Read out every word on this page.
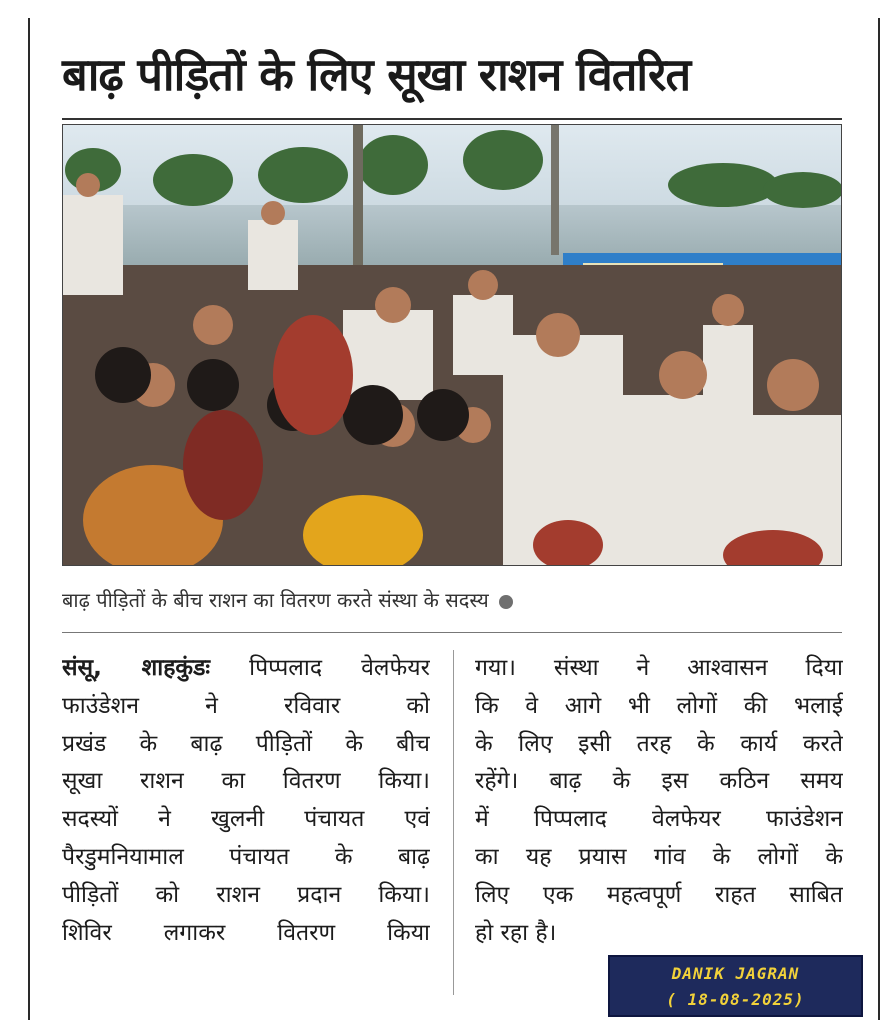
बाढ़ पीड़ितों के लिए सूखा राशन वितरित
बाढ़ पीड़ितों के बीच राशन का वितरण करते संस्था के सदस्य
संसू, शाहकुंडः पिप्पलाद वेलफेयर
फाउंडेशन ने रविवार को
प्रखंड के बाढ़ पीड़ितों के बीच
सूखा राशन का वितरण किया।
सदस्यों ने खुलनी पंचायत एवं
पैरडुमनियामाल पंचायत के बाढ़
पीड़ितों को राशन प्रदान किया।
शिविर लगाकर वितरण किया
गया। संस्था ने आश्वासन दिया
कि वे आगे भी लोगों की भलाई
के लिए इसी तरह के कार्य करते
रहेंगे। बाढ़ के इस कठिन समय
में पिप्पलाद वेलफेयर फाउंडेशन
का यह प्रयास गांव के लोगों के
लिए एक महत्वपूर्ण राहत साबित
हो रहा है।
DANIK JAGRAN
( 18-08-2025)
